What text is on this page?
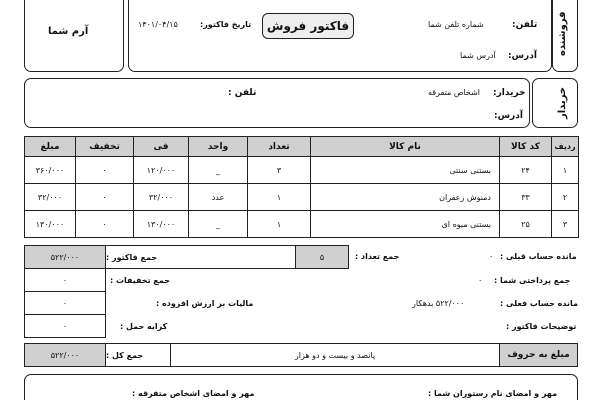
آرم شما	فروشنده
فاکتور فروش
تاریخ فاکتور:
۱۴۰۱/۰۴/۱۵	تلفن:
شماره تلفن شما
آدرس:
آدرس شما
خریدار
خریدار:
اشخاص متفرقه
تلفن :
آدرس:
ردیف	کد کالا	نام کالا	تعداد	واحد	فی	تخفیف	مبلغ
۱	۲۴	بستنی سنتی	۳	_	۱۲۰/۰۰۰	۰	۳۶۰/۰۰۰
۲	۳۳	دمنوش زعفران	۱	عدد	۳۲/۰۰۰	۰	۳۲/۰۰۰
۳	۲۵	بستنی میوه ای	۱	_	۱۳۰/۰۰۰	۰	۱۳۰/۰۰۰
۵۲۲/۰۰۰	جمع فاکتور :	۵	جمع تعداد :	۰ مانده حساب قبلی :
۰	جمع تخفیفات :	۰ جمع پرداختی شما :
۰	مالیات بر ارزش افزوده :	۵۲۲/۰۰۰ بدهکار	مانده حساب فعلی :
۰	کرایه حمل :	توضیحات فاکتور :
۵۲۲/۰۰۰	جمع کل :	پانصد و بیست و دو هزار	مبلغ به حروف
مهر و امضای نام رستوران شما :
مهر و امضای اشخاص متفرقه :
